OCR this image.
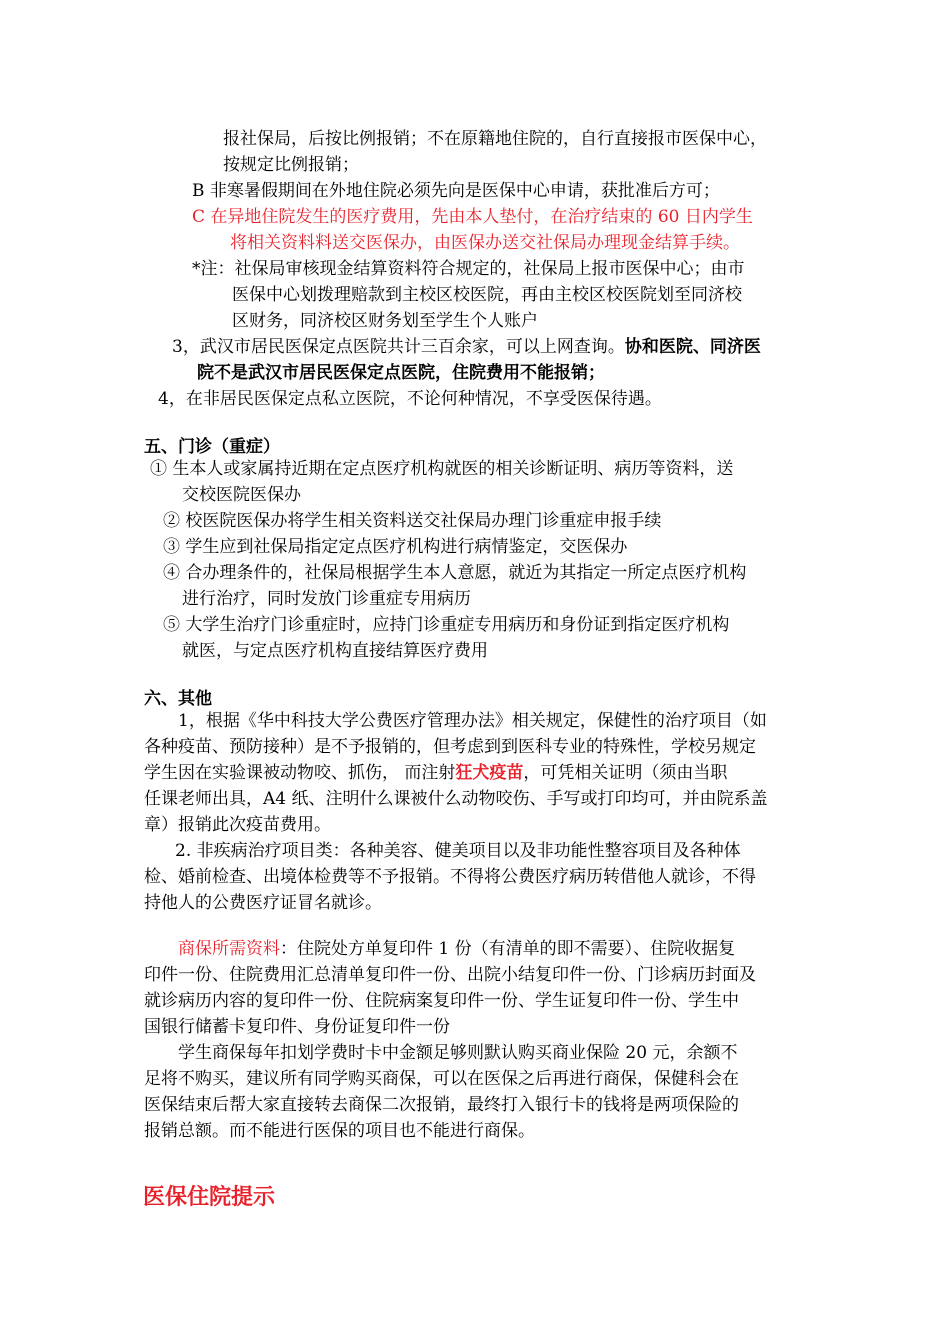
报社保局，后按比例报销；不在原籍地住院的，自行直接报市医保中心，
按规定比例报销；
B 非寒暑假期间在外地住院必须先向是医保中心申请，获批准后方可；
C 在异地住院发生的医疗费用，先由本人垫付，在治疗结束的 60 日内学生
将相关资料料送交医保办，由医保办送交社保局办理现金结算手续。
*注：社保局审核现金结算资料符合规定的，社保局上报市医保中心；由市
医保中心划拨理赔款到主校区校医院，再由主校区校医院划至同济校
区财务，同济校区财务划至学生个人账户
3，武汉市居民医保定点医院共计三百余家，可以上网查询。协和医院、同济医
院不是武汉市居民医保定点医院，住院费用不能报销；
4，在非居民医保定点私立医院，不论何种情况，不享受医保待遇。
五、门诊（重症）
① 生本人或家属持近期在定点医疗机构就医的相关诊断证明、病历等资料，送
交校医院医保办
② 校医院医保办将学生相关资料送交社保局办理门诊重症申报手续
③ 学生应到社保局指定定点医疗机构进行病情鉴定，交医保办
④ 合办理条件的，社保局根据学生本人意愿，就近为其指定一所定点医疗机构
进行治疗，同时发放门诊重症专用病历
⑤ 大学生治疗门诊重症时，应持门诊重症专用病历和身份证到指定医疗机构
就医，与定点医疗机构直接结算医疗费用
六、其他
1，根据《华中科技大学公费医疗管理办法》相关规定，保健性的治疗项目（如
各种疫苗、预防接种）是不予报销的，但考虑到到医科专业的特殊性，学校另规定
学生因在实验课被动物咬、抓伤， 而注射狂犬疫苗，可凭相关证明（须由当职
任课老师出具，A4 纸、注明什么课被什么动物咬伤、手写或打印均可，并由院系盖
章）报销此次疫苗费用。
2. 非疾病治疗项目类：各种美容、健美项目以及非功能性整容项目及各种体
检、婚前检查、出境体检费等不予报销。不得将公费医疗病历转借他人就诊，不得
持他人的公费医疗证冒名就诊。
商保所需资料：住院处方单复印件 1 份（有清单的即不需要）、住院收据复
印件一份、住院费用汇总清单复印件一份、出院小结复印件一份、门诊病历封面及
就诊病历内容的复印件一份、住院病案复印件一份、学生证复印件一份、学生中
国银行储蓄卡复印件、身份证复印件一份
学生商保每年扣划学费时卡中金额足够则默认购买商业保险 20 元，余额不
足将不购买，建议所有同学购买商保，可以在医保之后再进行商保，保健科会在
医保结束后帮大家直接转去商保二次报销，最终打入银行卡的钱将是两项保险的
报销总额。而不能进行医保的项目也不能进行商保。
医保住院提示
